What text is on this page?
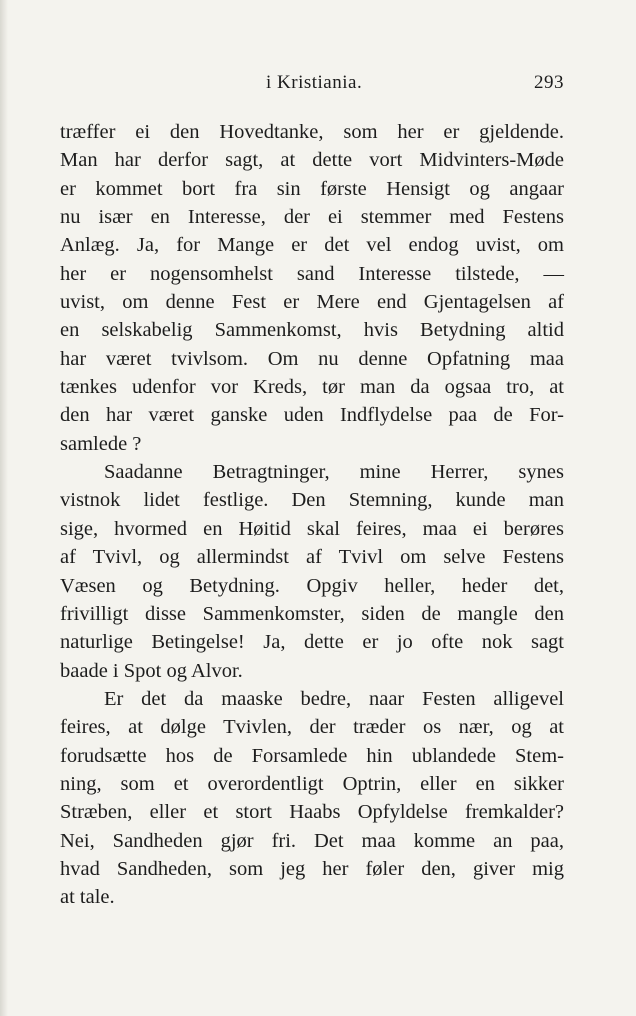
i Kristiania.	293
træffer ei den Hovedtanke, som her er gjeldende.
Man har derfor sagt, at dette vort Midvinters-Møde
er kommet bort fra sin første Hensigt og angaar
nu især en Interesse, der ei stemmer med Festens
Anlæg. Ja, for Mange er det vel endog uvist, om
her er nogensomhelst sand Interesse tilstede, —
uvist, om denne Fest er Mere end Gjentagelsen af
en selskabelig Sammenkomst, hvis Betydning altid
har været tvivlsom. Om nu denne Opfatning maa
tænkes udenfor vor Kreds, tør man da ogsaa tro, at
den har været ganske uden Indflydelse paa de For-
samlede ?
Saadanne Betragtninger, mine Herrer, synes
vistnok lidet festlige. Den Stemning, kunde man
sige, hvormed en Høitid skal feires, maa ei berøres
af Tvivl, og allermindst af Tvivl om selve Festens
Væsen og Betydning. Opgiv heller, heder det,
frivilligt disse Sammenkomster, siden de mangle den
naturlige Betingelse! Ja, dette er jo ofte nok sagt
baade i Spot og Alvor.
Er det da maaske bedre, naar Festen alligevel
feires, at dølge Tvivlen, der træder os nær, og at
forudsætte hos de Forsamlede hin ublandede Stem-
ning, som et overordentligt Optrin, eller en sikker
Stræben, eller et stort Haabs Opfyldelse fremkalder?
Nei, Sandheden gjør fri. Det maa komme an paa,
hvad Sandheden, som jeg her føler den, giver mig
at tale.
